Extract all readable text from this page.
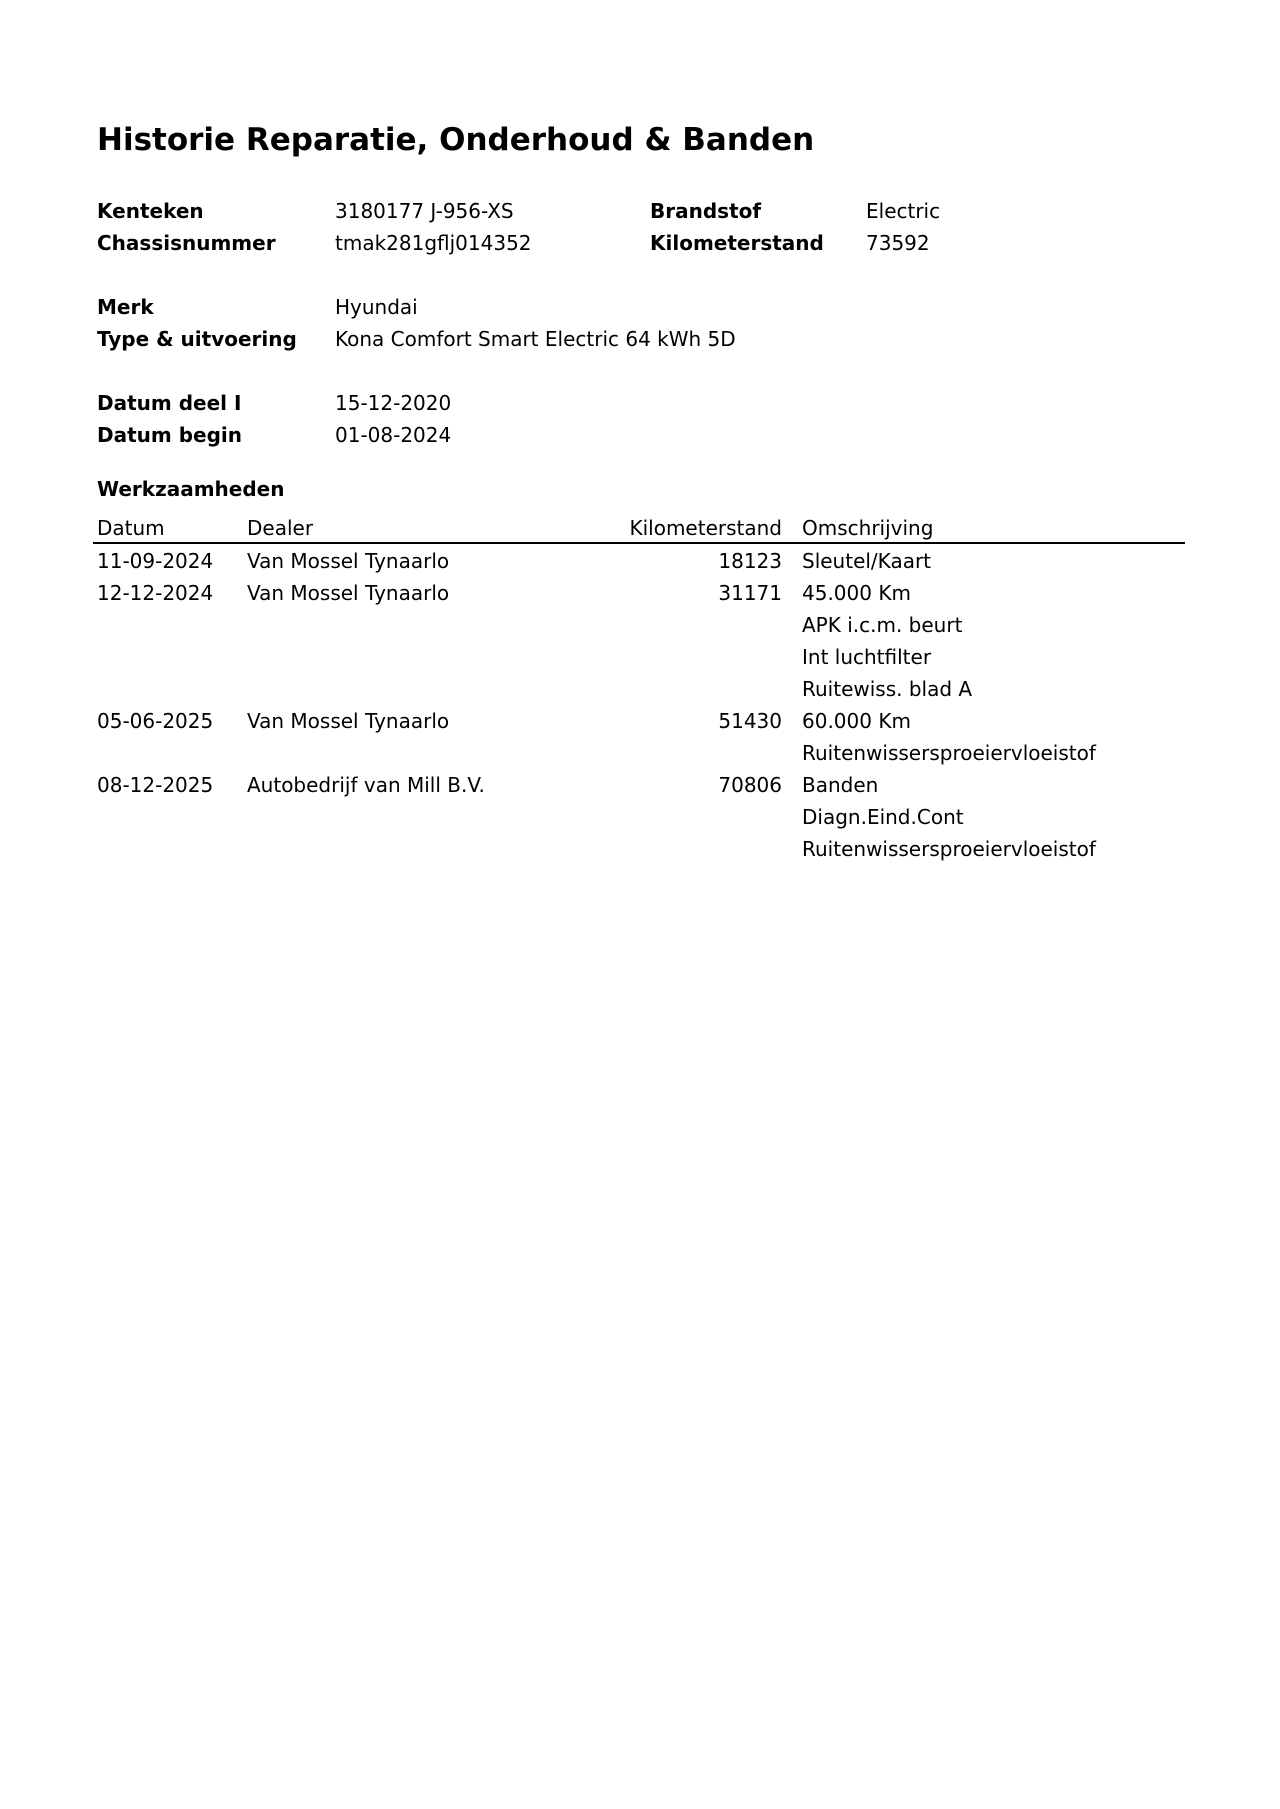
Historie Reparatie, Onderhoud & Banden
Kenteken	3180177 J-956-XS	Brandstof	Electric
Chassisnummer	tmak281gflj014352	Kilometerstand 73592
Merk	Hyundai
Type & uitvoering Kona Comfort Smart Electric 64 kWh 5D
Datum deel I	15-12-2020
Datum begin	01-08-2024
Werkzaamheden
Datum	Dealer	Kilometerstand Omschrijving
11-09-2024 Van Mossel Tynaarlo	18123 Sleutel/Kaart
12-12-2024 Van Mossel Tynaarlo	31171 45.000 Km
APK i.c.m. beurt
Int luchtfilter
Ruitewiss. blad A
05-06-2025 Van Mossel Tynaarlo	51430 60.000 Km
Ruitenwissersproeiervloeistof
08-12-2025 Autobedrijf van Mill B.V.	70806 Banden
Diagn.Eind.Cont
Ruitenwissersproeiervloeistof
